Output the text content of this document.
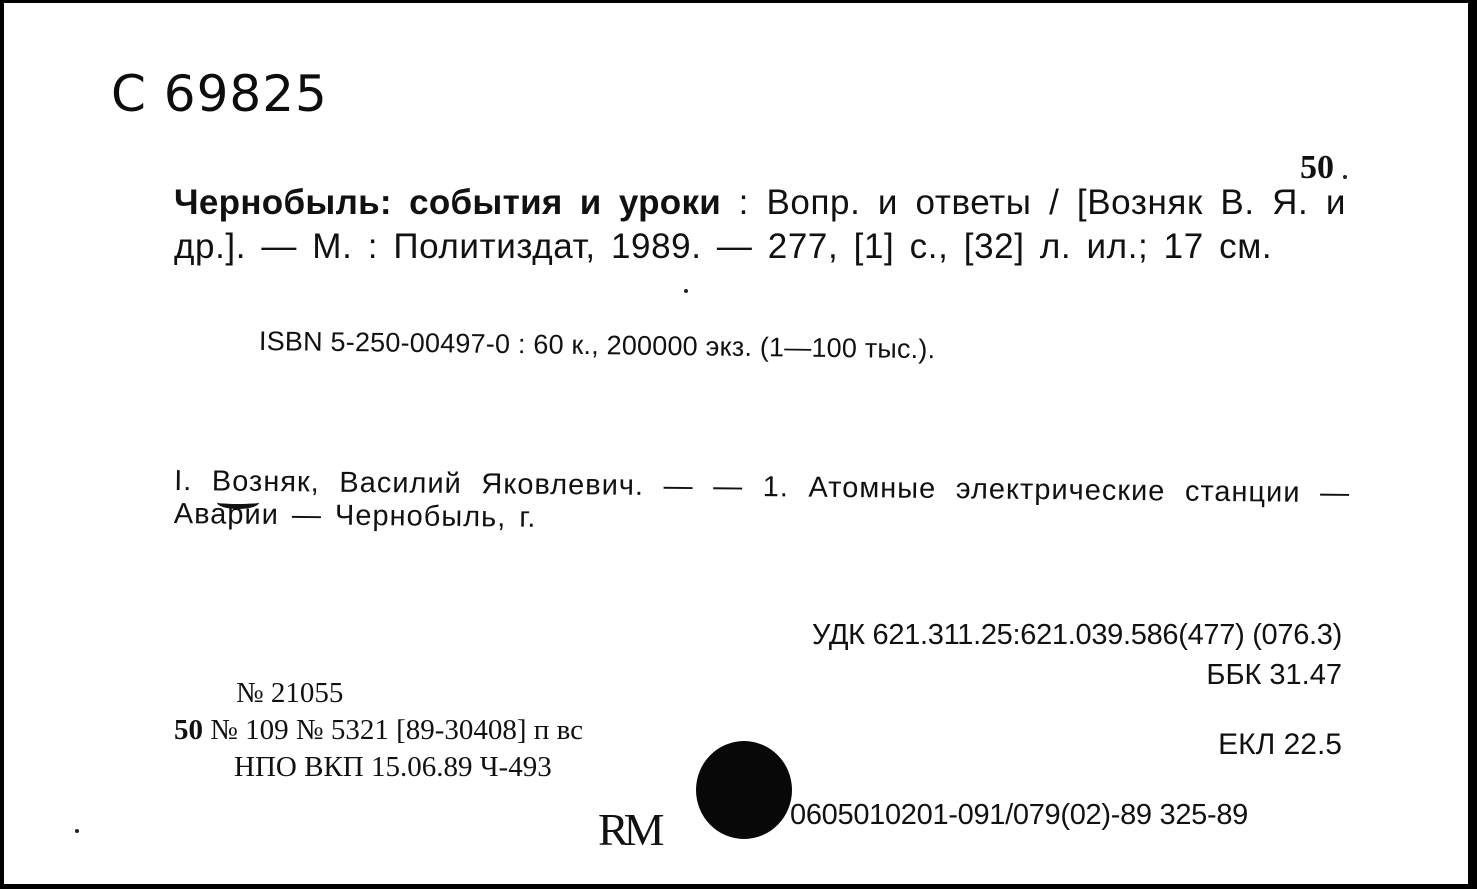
С 69825
50
Чернобыль: события и уроки : Вопр. и ответы / [Возняк В. Я. и др.]. — М. : Политиздат, 1989. — 277, [1] с., [32] л. ил.; 17 см.
ISBN 5-250-00497-0 : 60 к., 200000 экз. (1—100 тыс.).
I. Возняк, Василий Яковлевич. — — 1. Атомные электрические станции — Аварии — Чернобыль, г.
УДК 621.311.25:621.039.586(477) (076.3)
ББК 31.47
ЕКЛ 22.5
№ 21055
50 № 109 № 5321 [89-30408] п вс
НПО ВКП 15.06.89 Ч-493
RM	0605010201-091/079(02)-89 325-89
